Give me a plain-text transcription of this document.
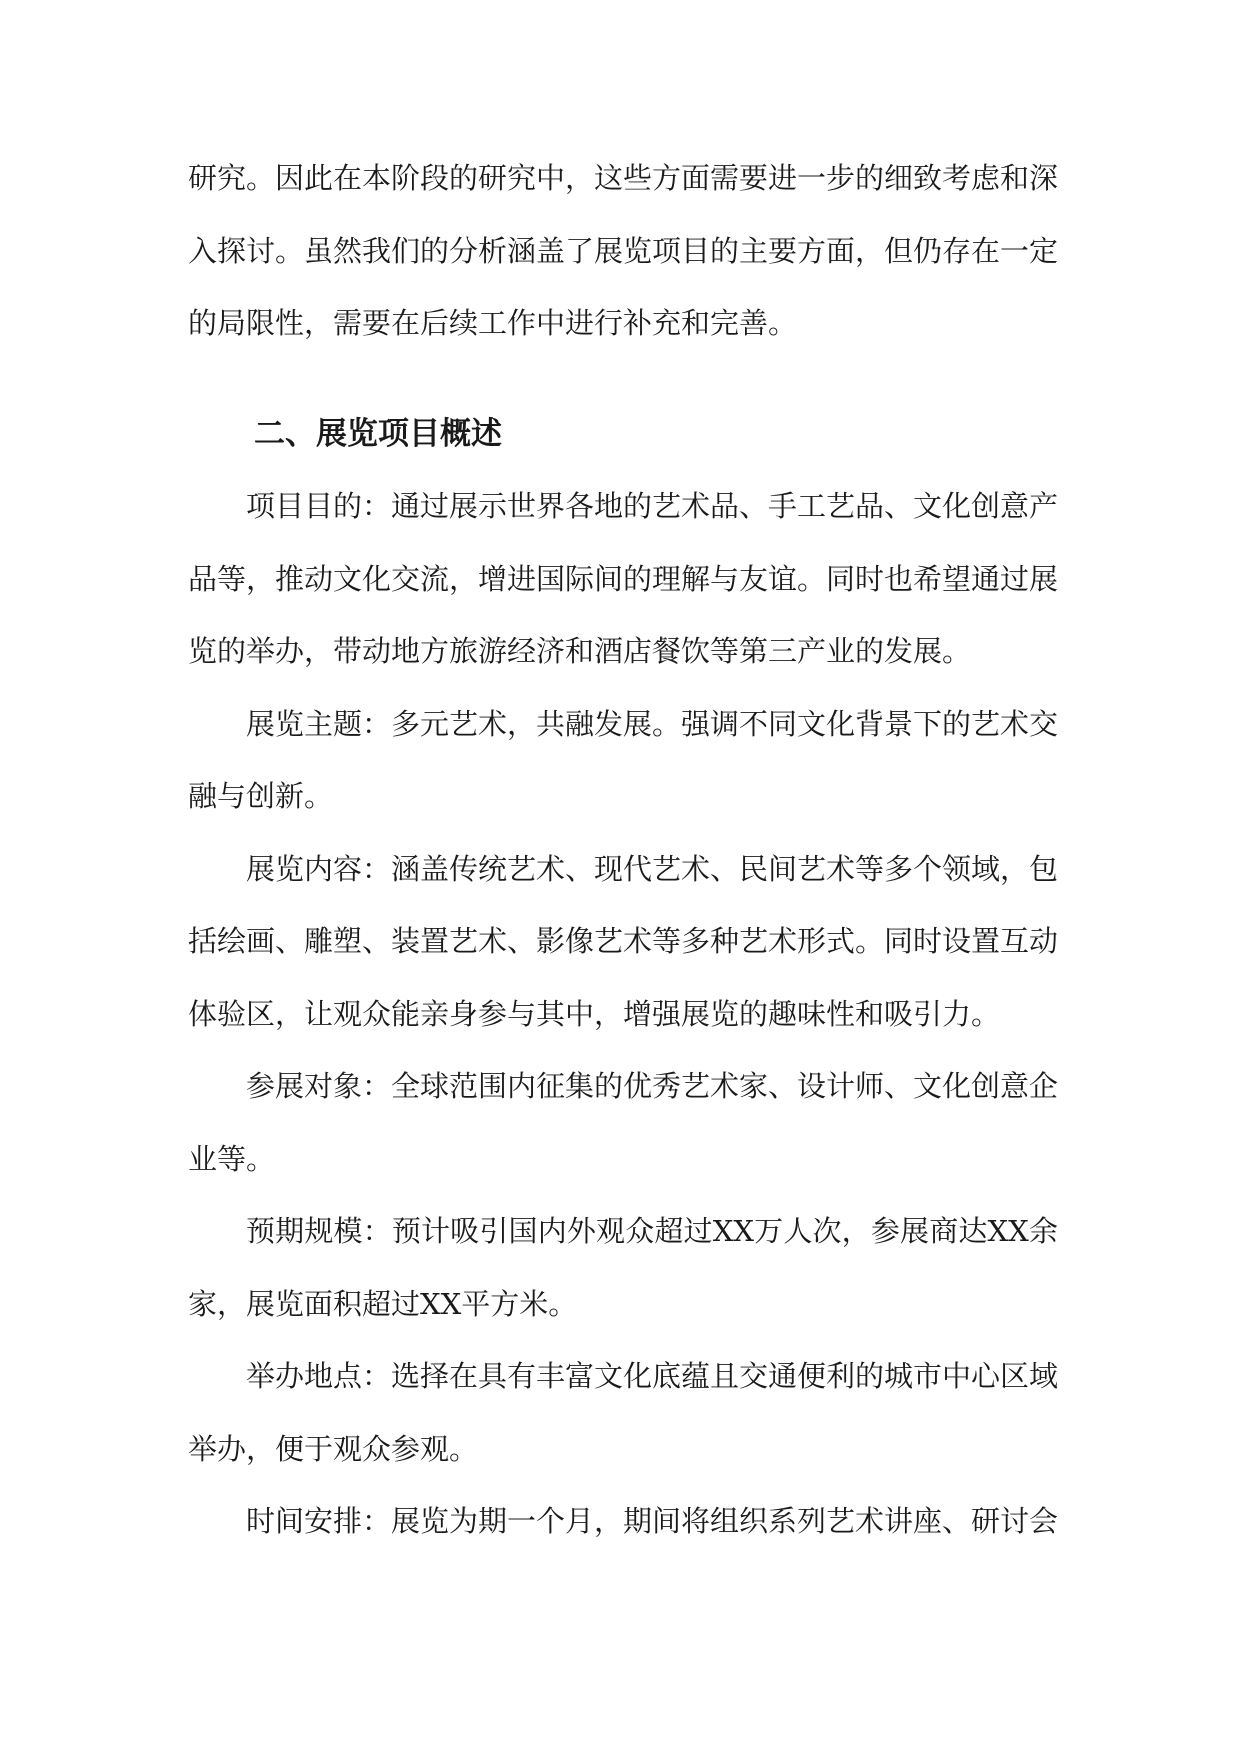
研究。因此在本阶段的研究中，这些方面需要进一步的细致考虑和深入探讨。虽然我们的分析涵盖了展览项目的主要方面，但仍存在一定的局限性，需要在后续工作中进行补充和完善。

二、展览项目概述

项目目的：通过展示世界各地的艺术品、手工艺品、文化创意产品等，推动文化交流，增进国际间的理解与友谊。同时也希望通过展览的举办，带动地方旅游经济和酒店餐饮等第三产业的发展。

展览主题：多元艺术，共融发展。强调不同文化背景下的艺术交融与创新。

展览内容：涵盖传统艺术、现代艺术、民间艺术等多个领域，包括绘画、雕塑、装置艺术、影像艺术等多种艺术形式。同时设置互动体验区，让观众能亲身参与其中，增强展览的趣味性和吸引力。

参展对象：全球范围内征集的优秀艺术家、设计师、文化创意企业等。

预期规模：预计吸引国内外观众超过XX万人次，参展商达XX余家，展览面积超过XX平方米。

举办地点：选择在具有丰富文化底蕴且交通便利的城市中心区域举办，便于观众参观。

时间安排：展览为期一个月，期间将组织系列艺术讲座、研讨会
